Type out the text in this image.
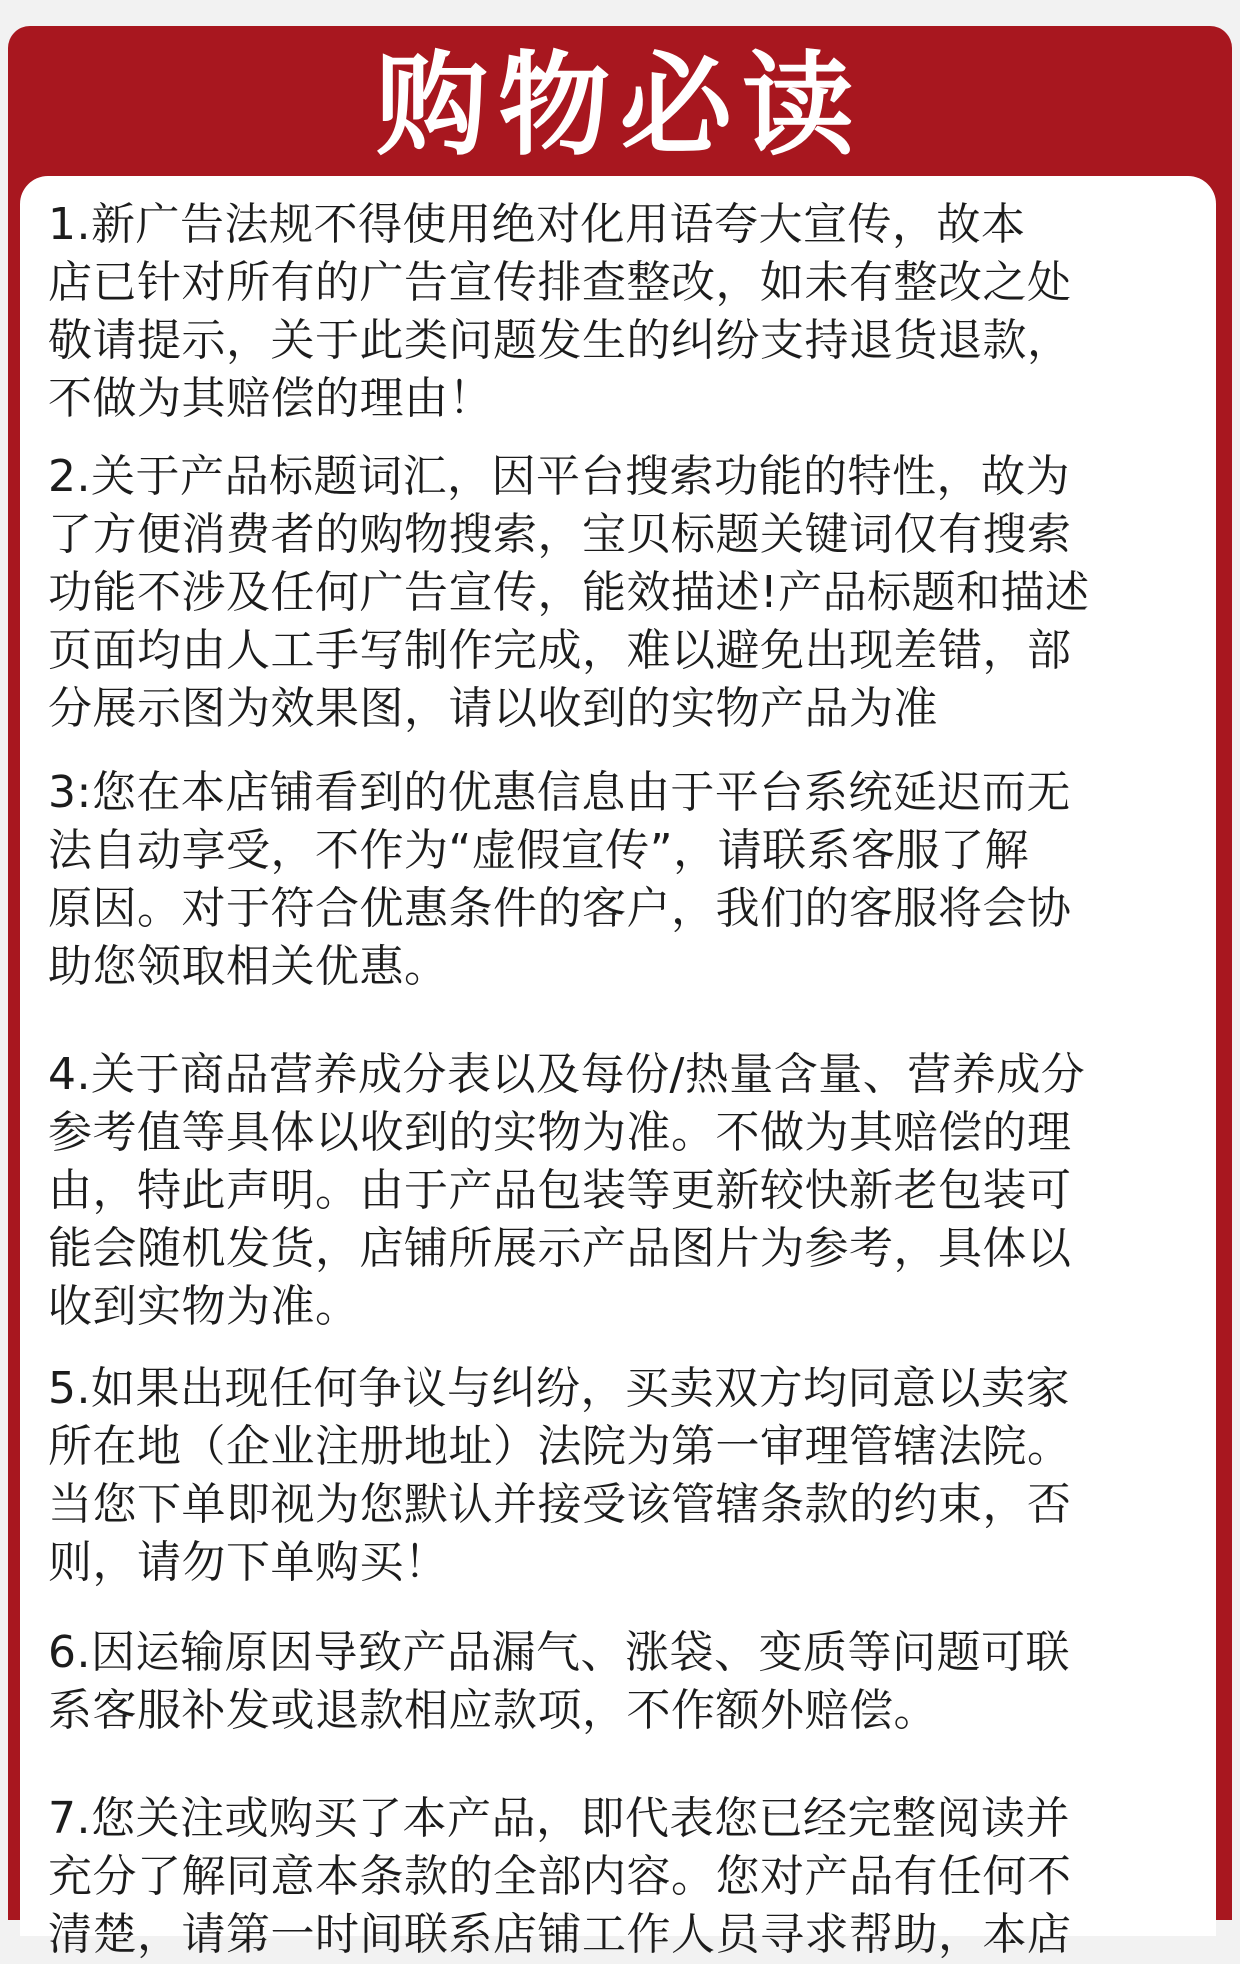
购物必读

1.新广告法规不得使用绝对化用语夸大宣传，故本
店已针对所有的广告宣传排查整改，如未有整改之处
敬请提示，关于此类问题发生的纠纷支持退货退款，
不做为其赔偿的理由！

2.关于产品标题词汇，因平台搜索功能的特性，故为
了方便消费者的购物搜索，宝贝标题关键词仅有搜索
功能不涉及任何广告宣传，能效描述!产品标题和描述
页面均由人工手写制作完成，难以避免出现差错，部
分展示图为效果图，请以收到的实物产品为准

3:您在本店铺看到的优惠信息由于平台系统延迟而无
法自动享受，不作为“虚假宣传”，请联系客服了解
原因。对于符合优惠条件的客户，我们的客服将会协
助您领取相关优惠。

4.关于商品营养成分表以及每份/热量含量、营养成分
参考值等具体以收到的实物为准。不做为其赔偿的理
由，特此声明。由于产品包装等更新较快新老包装可
能会随机发货，店铺所展示产品图片为参考，具体以
收到实物为准。

5.如果出现任何争议与纠纷，买卖双方均同意以卖家
所在地（企业注册地址）法院为第一审理管辖法院。
当您下单即视为您默认并接受该管辖条款的约束，否
则，请勿下单购买！

6.因运输原因导致产品漏气、涨袋、变质等问题可联
系客服补发或退款相应款项，不作额外赔偿。

7.您关注或购买了本产品，即代表您已经完整阅读并
充分了解同意本条款的全部内容。您对产品有任何不
清楚，请第一时间联系店铺工作人员寻求帮助，本店
